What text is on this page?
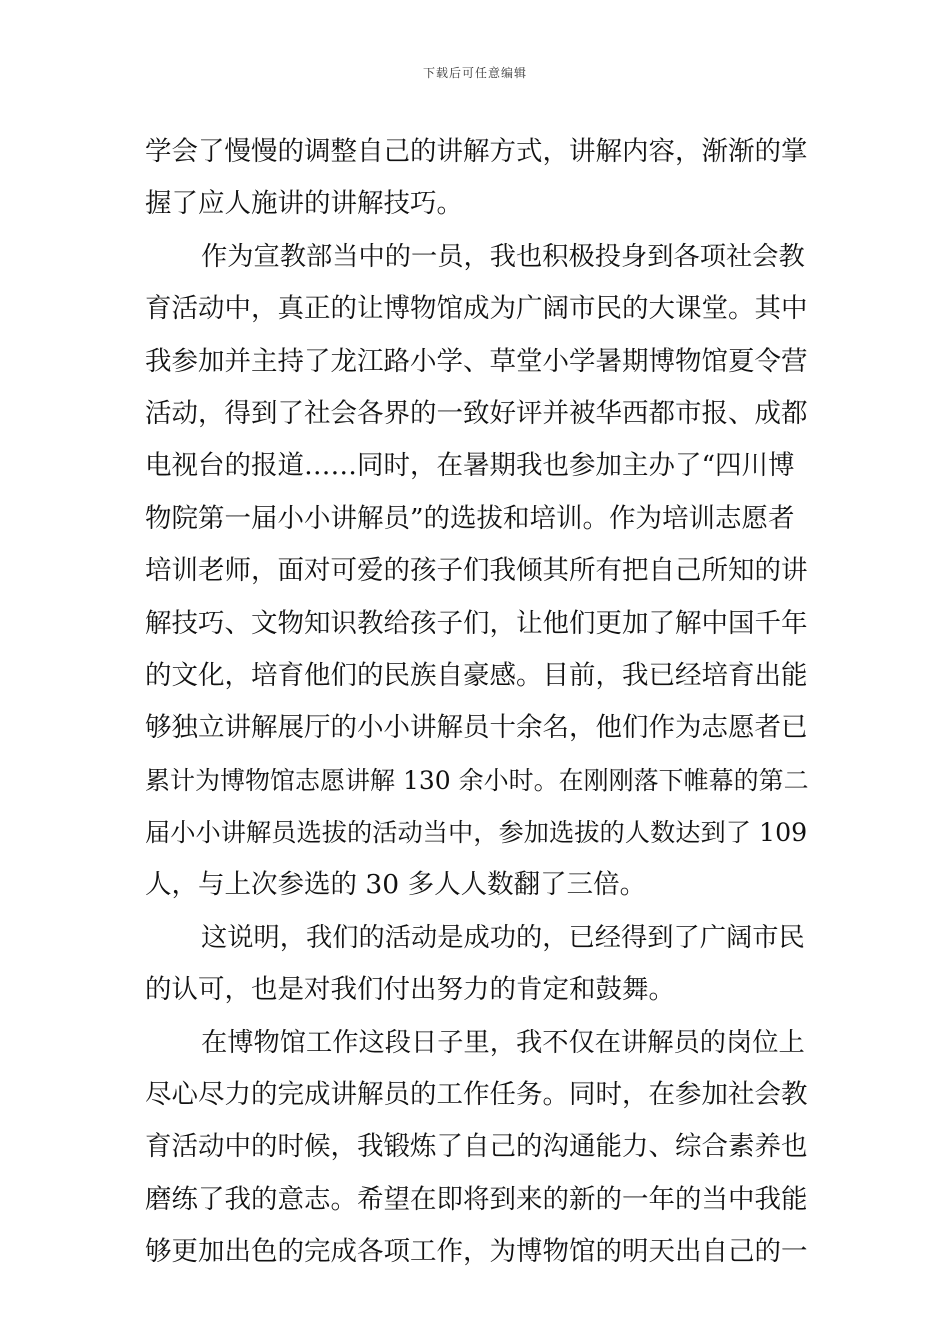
下载后可任意编辑
学会了慢慢的调整自己的讲解方式，讲解内容，渐渐的掌
握了应人施讲的讲解技巧。
作为宣教部当中的一员，我也积极投身到各项社会教
育活动中，真正的让博物馆成为广阔市民的大课堂。其中
我参加并主持了龙江路小学、草堂小学暑期博物馆夏令营
活动，得到了社会各界的一致好评并被华西都市报、成都
电视台的报道……同时，在暑期我也参加主办了“四川博
物院第一届小小讲解员”的选拔和培训。作为培训志愿者
培训老师，面对可爱的孩子们我倾其所有把自己所知的讲
解技巧、文物知识教给孩子们，让他们更加了解中国千年
的文化，培育他们的民族自豪感。目前，我已经培育出能
够独立讲解展厅的小小讲解员十余名，他们作为志愿者已
累计为博物馆志愿讲解 130 余小时。在刚刚落下帷幕的第二
届小小讲解员选拔的活动当中，参加选拔的人数达到了 109
人，与上次参选的 30 多人人数翻了三倍。
这说明，我们的活动是成功的，已经得到了广阔市民
的认可，也是对我们付出努力的肯定和鼓舞。
在博物馆工作这段日子里，我不仅在讲解员的岗位上
尽心尽力的完成讲解员的工作任务。同时，在参加社会教
育活动中的时候，我锻炼了自己的沟通能力、综合素养也
磨练了我的意志。希望在即将到来的新的一年的当中我能
够更加出色的完成各项工作，为博物馆的明天出自己的一
